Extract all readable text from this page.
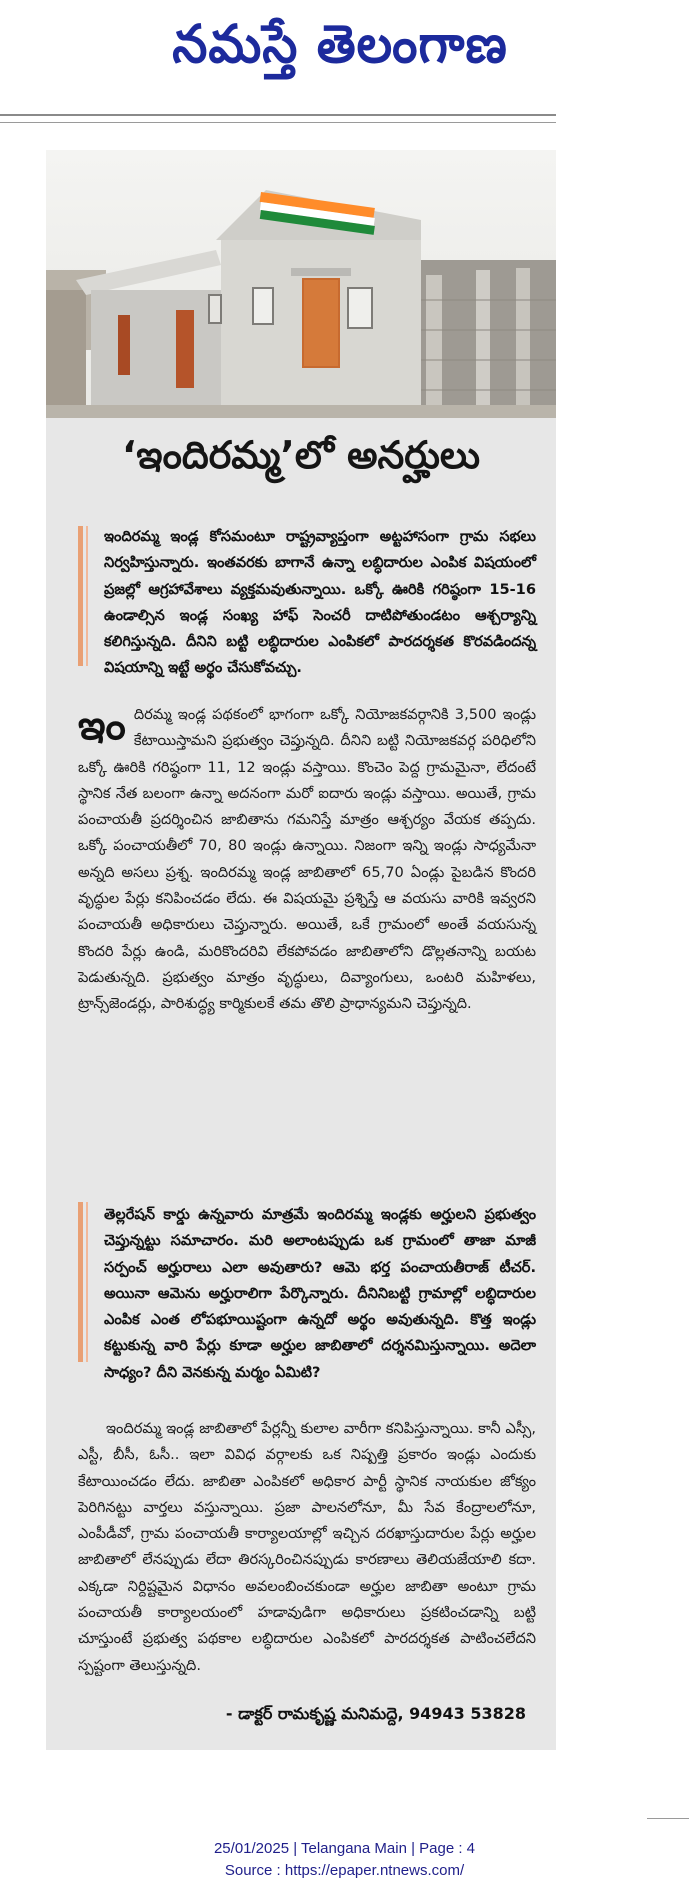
నమస్తే తెలంగాణ
‘ఇందిరమ్మ’లో అనర్హులు

ఇందిరమ్మ ఇండ్ల కోసమంటూ రాష్ట్రవ్యాప్తంగా అట్టహాసంగా గ్రామ సభలు నిర్వహిస్తున్నారు. ఇంతవరకు బాగానే ఉన్నా లబ్ధిదారుల ఎంపిక విషయంలో ప్రజల్లో ఆగ్రహావేశాలు వ్యక్తమవుతున్నాయి. ఒక్కో ఊరికి గరిష్ఠంగా 15-16 ఉండాల్సిన ఇండ్ల సంఖ్య హాఫ్ సెంచరీ దాటిపోతుండటం ఆశ్చర్యాన్ని కలిగిస్తున్నది. దీనిని బట్టి లబ్ధిదారుల ఎంపికలో పారదర్శకత కొరవడిందన్న విషయాన్ని ఇట్టే అర్థం చేసుకోవచ్చు.

ఇందిరమ్మ ఇండ్ల పథకంలో భాగంగా ఒక్కో నియోజకవర్గానికి 3,500 ఇండ్లు కేటాయిస్తామని ప్రభుత్వం చెప్తున్నది. దీనిని బట్టి నియోజకవర్గ పరిధిలోని ఒక్కో ఊరికి గరిష్ఠంగా 11, 12 ఇండ్లు వస్తాయి. కొంచెం పెద్ద గ్రామమైనా, లేదంటే స్థానిక నేత బలంగా ఉన్నా అదనంగా మరో ఐదారు ఇండ్లు వస్తాయి. అయితే, గ్రామ పంచాయతీ ప్రదర్శించిన జాబితాను గమనిస్తే మాత్రం ఆశ్చర్యం వేయక తప్పదు. ఒక్కో పంచాయతీలో 70, 80 ఇండ్లు ఉన్నాయి. నిజంగా ఇన్ని ఇండ్లు సాధ్యమేనా అన్నది అసలు ప్రశ్న. ఇందిరమ్మ ఇండ్ల జాబితాలో 65,70 ఏండ్లు పైబడిన కొందరి వృద్ధుల పేర్లు కనిపించడం లేదు. ఈ విషయమై ప్రశ్నిస్తే ఆ వయసు వారికి ఇవ్వరని పంచాయతీ అధికారులు చెప్తున్నారు. అయితే, ఒకే గ్రామంలో అంతే వయసున్న కొందరి పేర్లు ఉండి, మరికొందరివి లేకపోవడం జాబితాలోని డొల్లతనాన్ని బయట పెడుతున్నది. ప్రభుత్వం మాత్రం వృద్ధులు, దివ్యాంగులు, ఒంటరి మహిళలు, ట్రాన్స్‌జెండర్లు, పారిశుద్ధ్య కార్మికులకే తమ తొలి ప్రాధాన్యమని చెప్తున్నది.

తెల్లరేషన్ కార్డు ఉన్నవారు మాత్రమే ఇందిరమ్మ ఇండ్లకు అర్హులని ప్రభుత్వం చెప్తున్నట్టు సమాచారం. మరి అలాంటప్పుడు ఒక గ్రామంలో తాజా మాజీ సర్పంచ్ అర్హురాలు ఎలా అవుతారు? ఆమె భర్త పంచాయతీరాజ్ టీచర్. అయినా ఆమెను అర్హురాలిగా పేర్కొన్నారు. దీనినిబట్టి గ్రామాల్లో లబ్ధిదారుల ఎంపిక ఎంత లోపభూయిష్టంగా ఉన్నదో అర్థం అవుతున్నది. కొత్త ఇండ్లు కట్టుకున్న వారి పేర్లు కూడా అర్హుల జాబితాలో దర్శనమిస్తున్నాయి. అదెలా సాధ్యం? దీని వెనకున్న మర్మం ఏమిటి?

ఇందిరమ్మ ఇండ్ల జాబితాలో పేర్లన్నీ కులాల వారీగా కనిపిస్తున్నాయి. కానీ ఎస్సీ, ఎస్టీ, బీసీ, ఓసీ.. ఇలా వివిధ వర్గాలకు ఒక నిష్పత్తి ప్రకారం ఇండ్లు ఎందుకు కేటాయించడం లేదు. జాబితా ఎంపికలో అధికార పార్టీ స్థానిక నాయకుల జోక్యం పెరిగినట్టు వార్తలు వస్తున్నాయి. ప్రజా పాలనలోనూ, మీ సేవ కేంద్రాలలోనూ, ఎంపీడీవో, గ్రామ పంచాయతీ కార్యాలయాల్లో ఇచ్చిన దరఖాస్తుదారుల పేర్లు అర్హుల జాబితాలో లేనప్పుడు లేదా తిరస్కరించినప్పుడు కారణాలు తెలియజేయాలి కదా. ఎక్కడా నిర్దిష్టమైన విధానం అవలంబించకుండా అర్హుల జాబితా అంటూ గ్రామ పంచాయతీ కార్యాలయంలో హడావుడిగా అధికారులు ప్రకటించడాన్ని బట్టి చూస్తుంటే ప్రభుత్వ పథకాల లబ్ధిదారుల ఎంపికలో పారదర్శకత పాటించలేదని స్పష్టంగా తెలుస్తున్నది.

- డాక్టర్ రామకృష్ణ మనిమద్దె, 94943 53828
25/01/2025 | Telangana Main | Page : 4
Source : https://epaper.ntnews.com/
